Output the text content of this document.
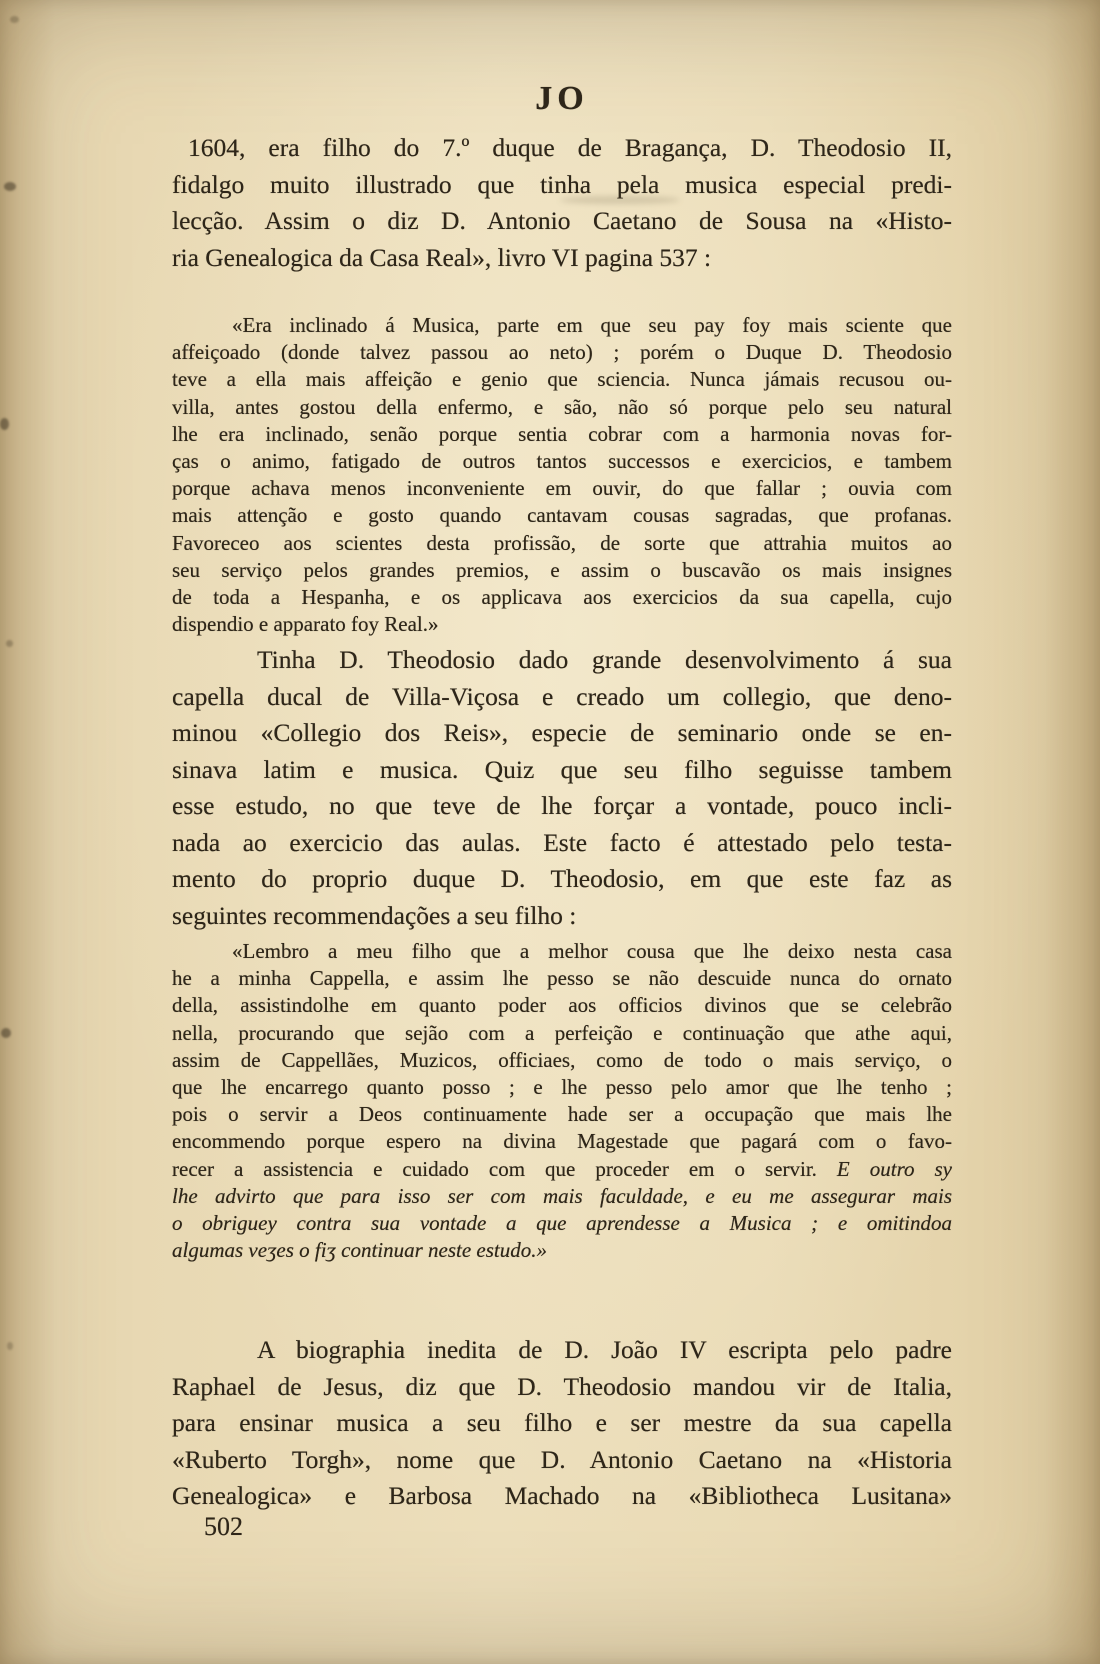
JO
1604, era filho do 7.º duque de Bragança, D. Theodosio II,
fidalgo muito illustrado que tinha pela musica especial predi-
lecção. Assim o diz D. Antonio Caetano de Sousa na «Histo-
ria Genealogica da Casa Real», livro VI pagina 537 :
«Era inclinado á Musica, parte em que seu pay foy mais sciente que
affeiçoado (donde talvez passou ao neto) ; porém o Duque D. Theodosio
teve a ella mais affeição e genio que sciencia. Nunca jámais recusou ou-
villa, antes gostou della enfermo, e são, não só porque pelo seu natural
lhe era inclinado, senão porque sentia cobrar com a harmonia novas for-
ças o animo, fatigado de outros tantos successos e exercicios, e tambem
porque achava menos inconveniente em ouvir, do que fallar ; ouvia com
mais attenção e gosto quando cantavam cousas sagradas, que profanas.
Favoreceo aos scientes desta profissão, de sorte que attrahia muitos ao
seu serviço pelos grandes premios, e assim o buscavão os mais insignes
de toda a Hespanha, e os applicava aos exercicios da sua capella, cujo
dispendio e apparato foy Real.»
Tinha D. Theodosio dado grande desenvolvimento á sua
capella ducal de Villa-Viçosa e creado um collegio, que deno-
minou «Collegio dos Reis», especie de seminario onde se en-
sinava latim e musica. Quiz que seu filho seguisse tambem
esse estudo, no que teve de lhe forçar a vontade, pouco incli-
nada ao exercicio das aulas. Este facto é attestado pelo testa-
mento do proprio duque D. Theodosio, em que este faz as
seguintes recommendações a seu filho :
«Lembro a meu filho que a melhor cousa que lhe deixo nesta casa
he a minha Cappella, e assim lhe pesso se não descuide nunca do ornato
della, assistindolhe em quanto poder aos officios divinos que se celebrão
nella, procurando que sejão com a perfeição e continuação que athe aqui,
assim de Cappellães, Muzicos, officiaes, como de todo o mais serviço, o
que lhe encarrego quanto posso ; e lhe pesso pelo amor que lhe tenho ;
pois o servir a Deos continuamente hade ser a occupação que mais lhe
encommendo porque espero na divina Magestade que pagará com o favo-
recer a assistencia e cuidado com que proceder em o servir. E outro sy
lhe advirto que para isso ser com mais faculdade, e eu me assegurar mais
o obriguey contra sua vontade a que aprendesse a Musica ; e omitindoa
algumas veʒes o fiʒ continuar neste estudo.»
A biographia inedita de D. João IV escripta pelo padre
Raphael de Jesus, diz que D. Theodosio mandou vir de Italia,
para ensinar musica a seu filho e ser mestre da sua capella
«Ruberto Torgh», nome que D. Antonio Caetano na «Historia
Genealogica» e Barbosa Machado na «Bibliotheca Lusitana»
502
